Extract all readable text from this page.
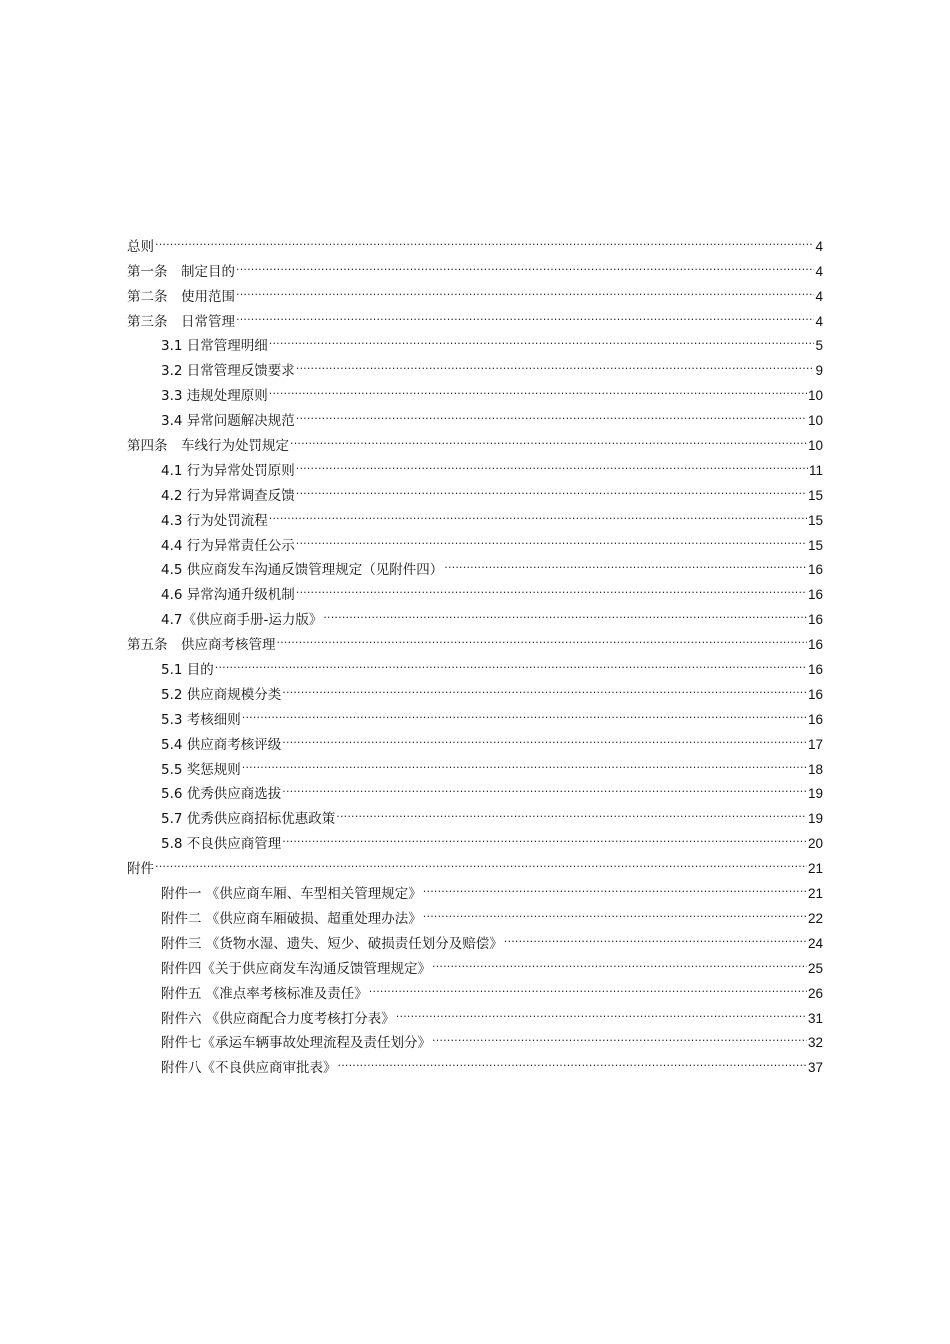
总则 .....	4
第一条　制定目的 .....	4
第二条　使用范围 .....	4
第三条　日常管理 .....	4
3.1 日常管理明细 .....	5
3.2 日常管理反馈要求 .....	9
3.3 违规处理原则 .....	10
3.4 异常问题解决规范 .....	10
第四条　车线行为处罚规定 .....	10
4.1 行为异常处罚原则 .....	11
4.2 行为异常调查反馈 .....	15
4.3 行为处罚流程 .....	15
4.4 行为异常责任公示 .....	15
4.5 供应商发车沟通反馈管理规定（见附件四） .....	16
4.6 异常沟通升级机制 .....	16
4.7《供应商手册-运力版》 .....	16
第五条　供应商考核管理 .....	16
5.1 目的 .....	16
5.2 供应商规模分类 .....	16
5.3 考核细则 .....	16
5.4 供应商考核评级 .....	17
5.5 奖惩规则 .....	18
5.6 优秀供应商选拔 .....	19
5.7 优秀供应商招标优惠政策 .....	19
5.8 不良供应商管理 .....	20
附件 .....	21
附件一 《供应商车厢、车型相关管理规定》 .....	21
附件二 《供应商车厢破损、超重处理办法》 .....	22
附件三 《货物水湿、遗失、短少、破损责任划分及赔偿》 .....	24
附件四《关于供应商发车沟通反馈管理规定》 .....	25
附件五 《准点率考核标准及责任》 .....	26
附件六 《供应商配合力度考核打分表》 .....	31
附件七《承运车辆事故处理流程及责任划分》 .....	32
附件八《不良供应商审批表》 .....	37
